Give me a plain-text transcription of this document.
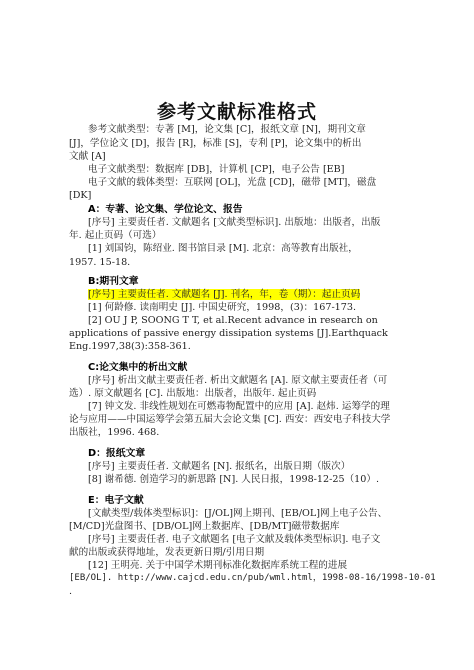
参考文献标准格式
参考文献类型：专著 [M]，论文集 [C]，报纸文章 [N]，期刊文章
[J]，学位论文 [D]，报告 [R]，标准 [S]，专利 [P]，论文集中的析出
文献 [A]
电子文献类型：数据库 [DB]，计算机 [CP]，电子公告 [EB]
电子文献的载体类型：互联网 [OL]，光盘 [CD]，磁带 [MT]，磁盘
[DK]
A：专著、论文集、学位论文、报告
[序号] 主要责任者. 文献题名 [文献类型标识]. 出版地：出版者，出版
年. 起止页码（可选）
[1] 刘国钧，陈绍业. 图书馆目录 [M]. 北京：高等教育出版社，
1957. 15-18.
B:期刊文章
[序号] 主要责任者. 文献题名 [J]. 刊名，年，卷（期）：起止页码
[1] 何龄修. 读南明史 [J]. 中国史研究，1998，(3)：167-173.
[2] OU J P, SOONG T T, et al.Recent advance in research on
applications of passive energy dissipation systems [J].Earthquack
Eng.1997,38(3):358-361.
C:论文集中的析出文献
[序号] 析出文献主要责任者. 析出文献题名 [A]. 原文献主要责任者（可
选）. 原文献题名 [C]. 出版地：出版者，出版年. 起止页码
[7] 钟文发. 非线性规划在可燃毒物配置中的应用 [A]. 赵炜. 运筹学的理
论与应用——中国运筹学会第五届大会论文集 [C]. 西安：西安电子科技大学
出版社，1996. 468.
D：报纸文章
[序号] 主要责任者. 文献题名 [N]. 报纸名，出版日期（版次）
[8] 谢希德. 创造学习的新思路 [N]. 人民日报，1998-12-25（10）.
E：电子文献
[文献类型/载体类型标识]：[J/OL]网上期刊、[EB/OL]网上电子公告、
[M/CD]光盘图书、[DB/OL]网上数据库、[DB/MT]磁带数据库
[序号] 主要责任者. 电子文献题名 [电子文献及载体类型标识]. 电子文
献的出版或获得地址，发表更新日期/引用日期
[12] 王明亮. 关于中国学术期刊标准化数据库系统工程的进展
[EB/OL]. http://www.cajcd.edu.cn/pub/wml.html，1998-08-16/1998-10-01
.
